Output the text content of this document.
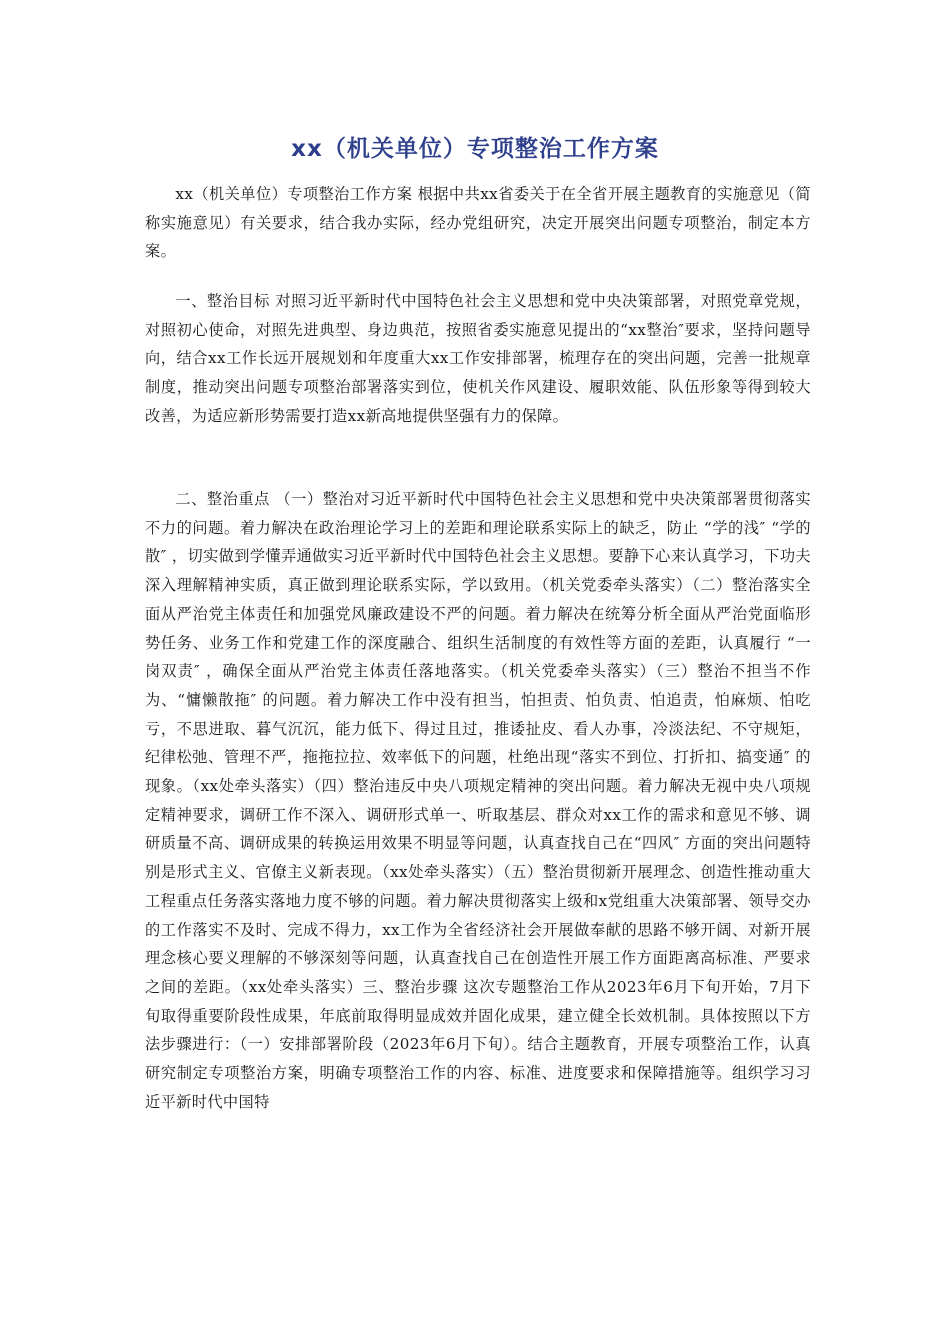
xx（机关单位）专项整治工作方案

xx（机关单位）专项整治工作方案 根据中共xx省委关于在全省开展主题教育的实施意见（简称实施意见）有关要求，结合我办实际，经办党组研究，决定开展突出问题专项整治，制定本方案。

一、整治目标 对照习近平新时代中国特色社会主义思想和党中央决策部署，对照党章党规，对照初心使命，对照先进典型、身边典范，按照省委实施意见提出的“xx整治″要求，坚持问题导向，结合xx工作长远开展规划和年度重大xx工作安排部署，梳理存在的突出问题，完善一批规章制度，推动突出问题专项整治部署落实到位，使机关作风建设、履职效能、队伍形象等得到较大改善，为适应新形势需要打造xx新高地提供坚强有力的保障。

二、整治重点 （一）整治对习近平新时代中国特色社会主义思想和党中央决策部署贯彻落实不力的问题。着力解决在政治理论学习上的差距和理论联系实际上的缺乏，防止 “学的浅″ “学的散″ ，切实做到学懂弄通做实习近平新时代中国特色社会主义思想。要静下心来认真学习，下功夫深入理解精神实质，真正做到理论联系实际，学以致用。（机关党委牵头落实）（二）整治落实全面从严治党主体责任和加强党风廉政建设不严的问题。着力解决在统筹分析全面从严治党面临形势任务、业务工作和党建工作的深度融合、组织生活制度的有效性等方面的差距，认真履行 “一岗双责″ ，确保全面从严治党主体责任落地落实。（机关党委牵头落实）（三）整治不担当不作为、“慵懒散拖″ 的问题。着力解决工作中没有担当，怕担责、怕负责、怕追责，怕麻烦、怕吃亏，不思进取、暮气沉沉，能力低下、得过且过，推诿扯皮、看人办事，冷淡法纪、不守规矩，纪律松弛、管理不严，拖拖拉拉、效率低下的问题，杜绝出现“落实不到位、打折扣、搞变通″ 的现象。（xx处牵头落实）（四）整治违反中央八项规定精神的突出问题。着力解决无视中央八项规定精神要求，调研工作不深入、调研形式单一、听取基层、群众对xx工作的需求和意见不够、调研质量不高、调研成果的转换运用效果不明显等问题，认真查找自己在“四风″ 方面的突出问题特别是形式主义、官僚主义新表现。（xx处牵头落实）（五）整治贯彻新开展理念、创造性推动重大工程重点任务落实落地力度不够的问题。着力解决贯彻落实上级和x党组重大决策部署、领导交办的工作落实不及时、完成不得力，xx工作为全省经济社会开展做奉献的思路不够开阔、对新开展理念核心要义理解的不够深刻等问题，认真查找自己在创造性开展工作方面距离高标准、严要求之间的差距。（xx处牵头落实）三、整治步骤 这次专题整治工作从2023年6月下旬开始，7月下旬取得重要阶段性成果，年底前取得明显成效并固化成果，建立健全长效机制。具体按照以下方法步骤进行：（一）安排部署阶段（2023年6月下旬）。结合主题教育，开展专项整治工作，认真研究制定专项整治方案，明确专项整治工作的内容、标准、进度要求和保障措施等。组织学习习近平新时代中国特
